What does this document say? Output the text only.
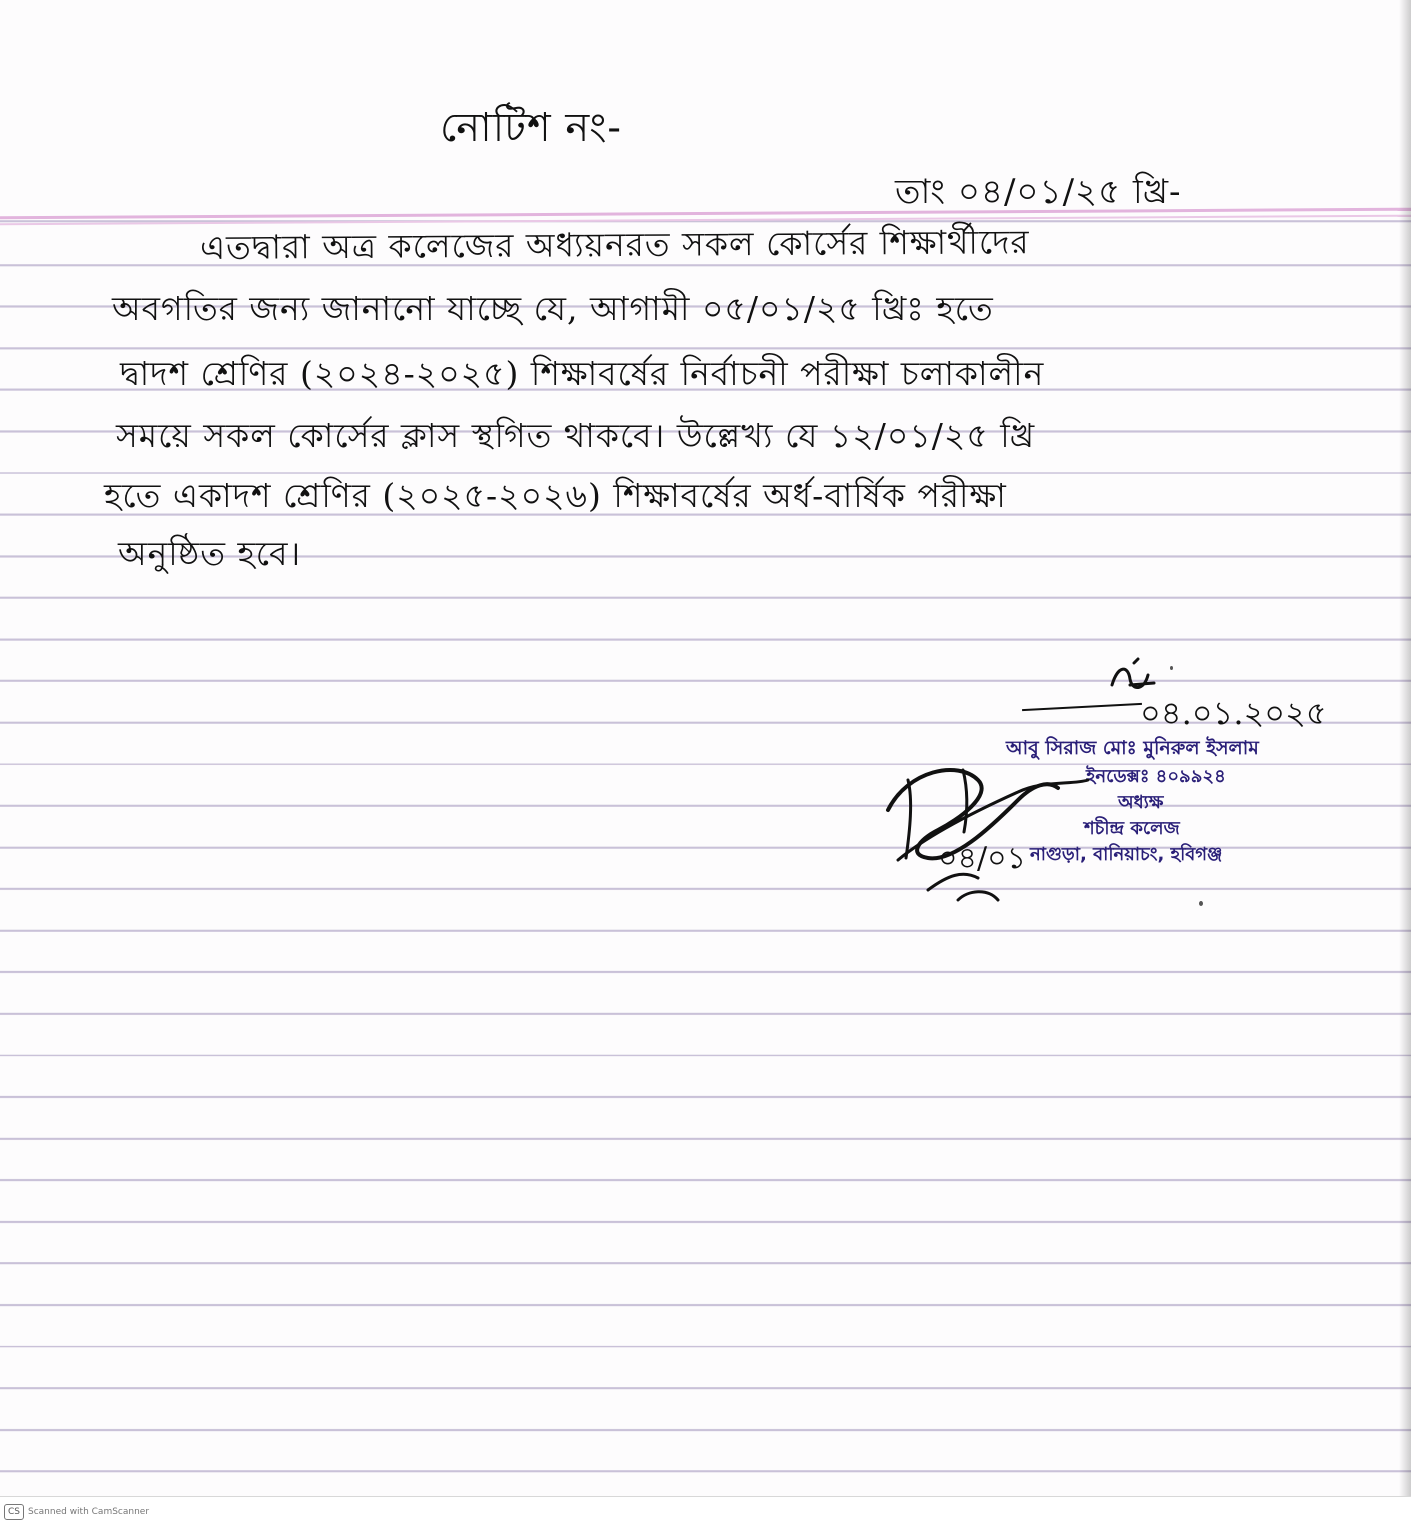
নোটিশ নং-
তাং ০৪/০১/২৫ খ্রি-
এতদ্বারা অত্র কলেজের অধ্যয়নরত সকল কোর্সের শিক্ষার্থীদের
অবগতির জন্য জানানো যাচ্ছে যে, আগামী ০৫/০১/২৫ খ্রিঃ হতে
দ্বাদশ শ্রেণির (২০২৪-২০২৫) শিক্ষাবর্ষের নির্বাচনী পরীক্ষা চলাকালীন
সময়ে সকল কোর্সের ক্লাস স্থগিত থাকবে। উল্লেখ্য যে ১২/০১/২৫ খ্রি
হতে একাদশ শ্রেণির (২০২৫-২০২৬) শিক্ষাবর্ষের অর্ধ-বার্ষিক পরীক্ষা
অনুষ্ঠিত হবে।
০৪.০১.২০২৫
আবু সিরাজ মোঃ মুনিরুল ইসলাম
ইনডেক্সঃ ৪০৯৯২৪
অধ্যক্ষ
শচীন্দ্র কলেজ
নাগুড়া, বানিয়াচং, হবিগঞ্জ
০৪/০১
CS Scanned with CamScanner
